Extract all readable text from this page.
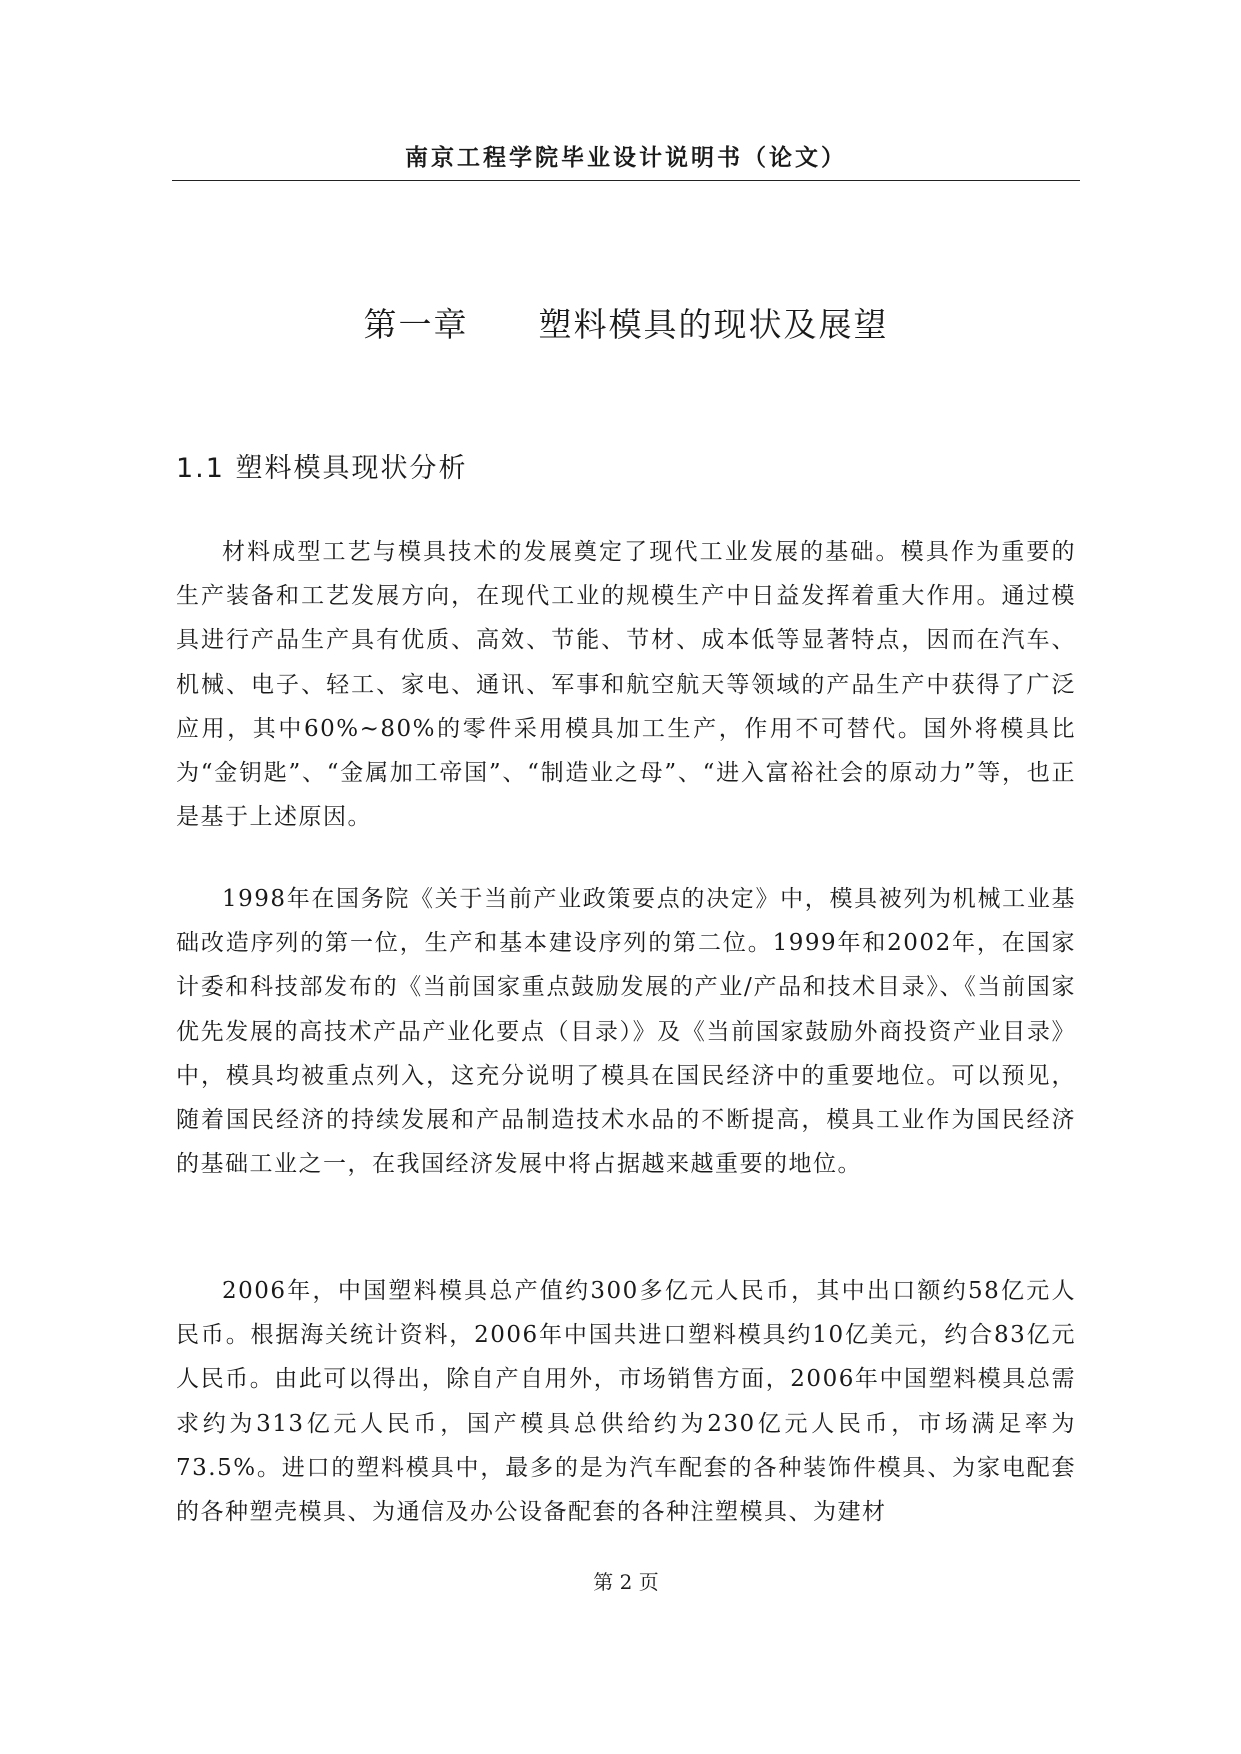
南京工程学院毕业设计说明书（论文）
第一章　　塑料模具的现状及展望
1.1 塑料模具现状分析

材料成型工艺与模具技术的发展奠定了现代工业发展的基础。模具作为重要的生产装备和工艺发展方向，在现代工业的规模生产中日益发挥着重大作用。通过模具进行产品生产具有优质、高效、节能、节材、成本低等显著特点，因而在汽车、机械、电子、轻工、家电、通讯、军事和航空航天等领域的产品生产中获得了广泛应用，其中60%~80%的零件采用模具加工生产，作用不可替代。国外将模具比为“金钥匙”、“金属加工帝国”、“制造业之母”、“进入富裕社会的原动力”等，也正是基于上述原因。

1998年在国务院《关于当前产业政策要点的决定》中，模具被列为机械工业基础改造序列的第一位，生产和基本建设序列的第二位。1999年和2002年，在国家计委和科技部发布的《当前国家重点鼓励发展的产业/产品和技术目录》、《当前国家优先发展的高技术产品产业化要点（目录）》及《当前国家鼓励外商投资产业目录》中，模具均被重点列入，这充分说明了模具在国民经济中的重要地位。可以预见，随着国民经济的持续发展和产品制造技术水品的不断提高，模具工业作为国民经济的基础工业之一，在我国经济发展中将占据越来越重要的地位。

2006年，中国塑料模具总产值约300多亿元人民币，其中出口额约58亿元人民币。根据海关统计资料，2006年中国共进口塑料模具约10亿美元，约合83亿元人民币。由此可以得出，除自产自用外，市场销售方面，2006年中国塑料模具总需求约为313亿元人民币，国产模具总供给约为230亿元人民币，市场满足率为73.5%。进口的塑料模具中，最多的是为汽车配套的各种装饰件模具、为家电配套的各种塑壳模具、为通信及办公设备配套的各种注塑模具、为建材

第 2 页
